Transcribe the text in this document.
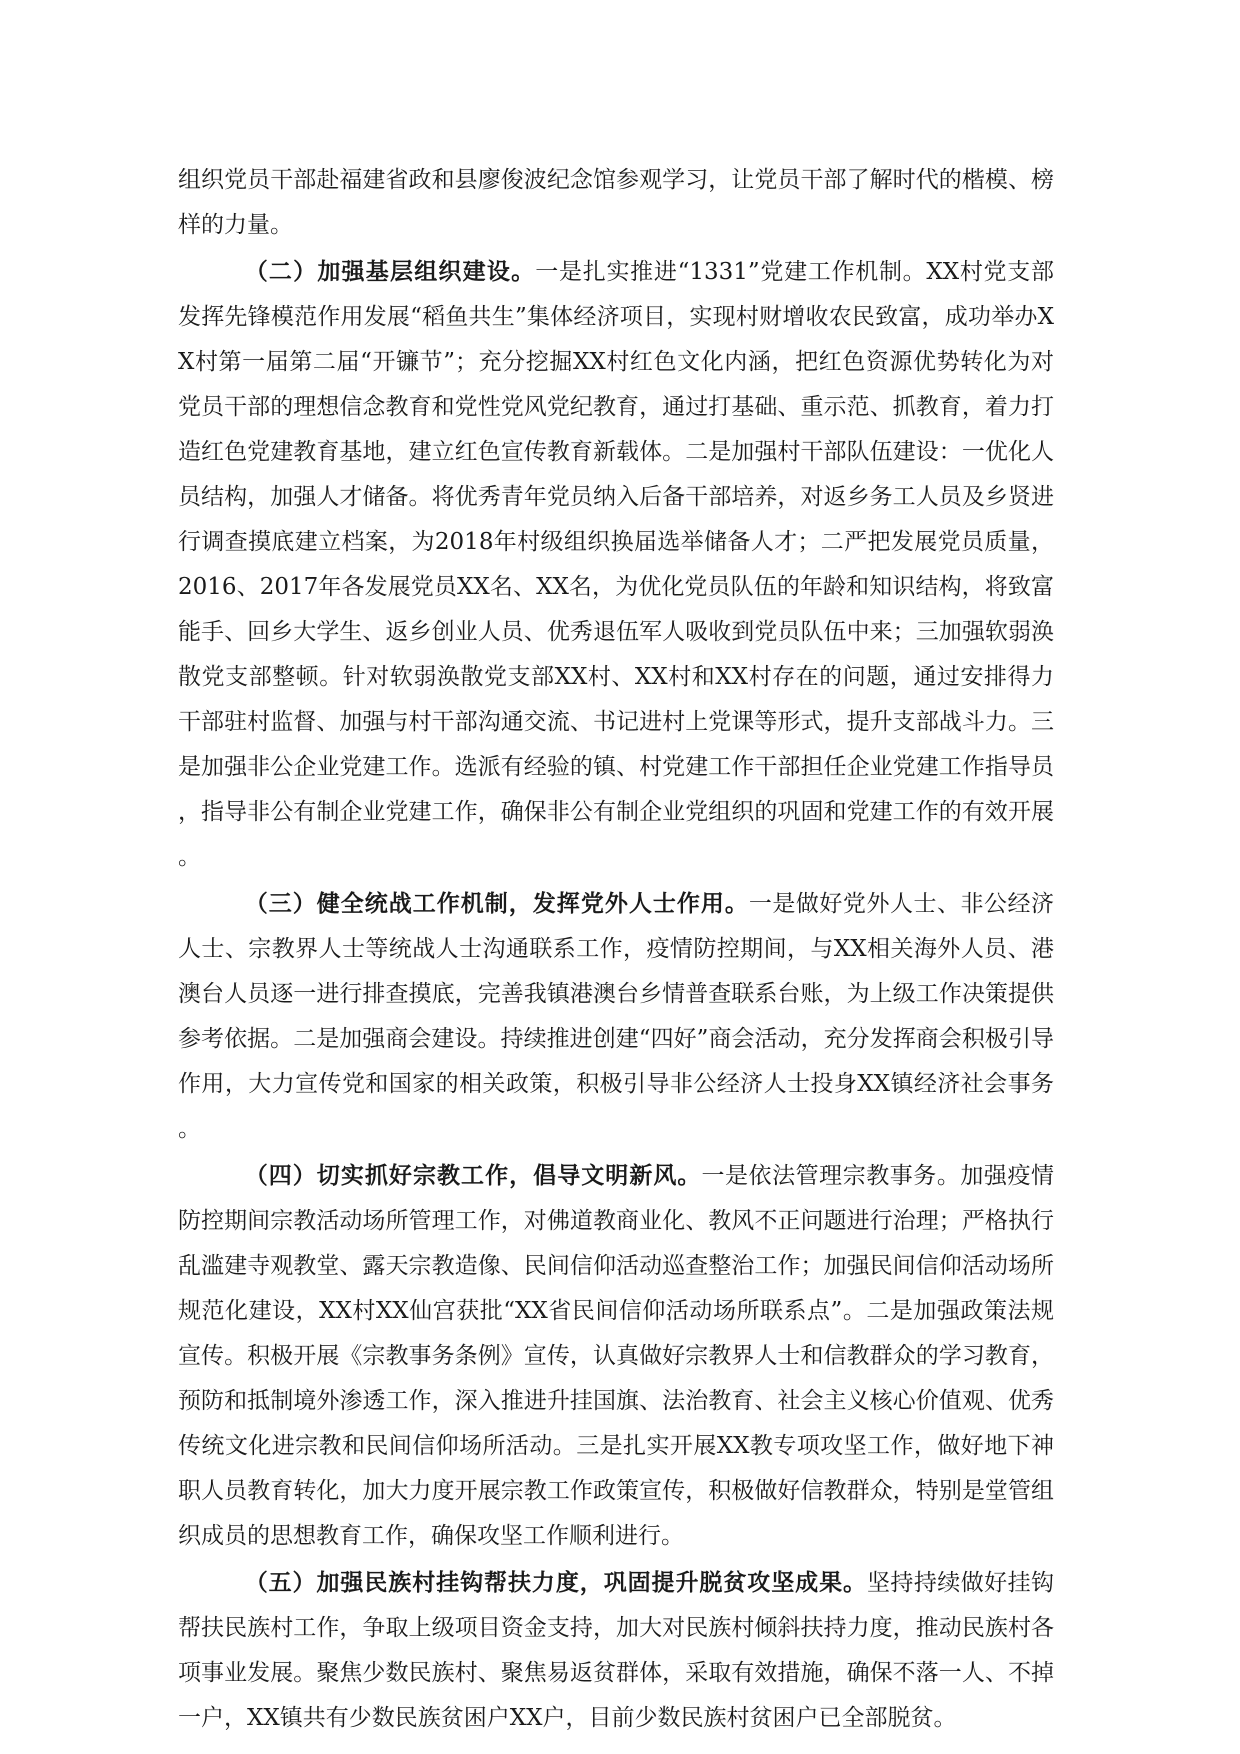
组织党员干部赴福建省政和县廖俊波纪念馆参观学习，让党员干部了解时代的楷模、榜样的力量。

（二）加强基层组织建设。一是扎实推进“1331”党建工作机制。XX村党支部发挥先锋模范作用发展“稻鱼共生”集体经济项目，实现村财增收农民致富，成功举办XX村第一届第二届“开镰节”；充分挖掘XX村红色文化内涵，把红色资源优势转化为对党员干部的理想信念教育和党性党风党纪教育，通过打基础、重示范、抓教育，着力打造红色党建教育基地，建立红色宣传教育新载体。二是加强村干部队伍建设：一优化人员结构，加强人才储备。将优秀青年党员纳入后备干部培养，对返乡务工人员及乡贤进行调查摸底建立档案，为2018年村级组织换届选举储备人才；二严把发展党员质量，2016、2017年各发展党员XX名、XX名，为优化党员队伍的年龄和知识结构，将致富能手、回乡大学生、返乡创业人员、优秀退伍军人吸收到党员队伍中来；三加强软弱涣散党支部整顿。针对软弱涣散党支部XX村、XX村和XX村存在的问题，通过安排得力干部驻村监督、加强与村干部沟通交流、书记进村上党课等形式，提升支部战斗力。三是加强非公企业党建工作。选派有经验的镇、村党建工作干部担任企业党建工作指导员，指导非公有制企业党建工作，确保非公有制企业党组织的巩固和党建工作的有效开展。

（三）健全统战工作机制，发挥党外人士作用。一是做好党外人士、非公经济人士、宗教界人士等统战人士沟通联系工作，疫情防控期间，与XX相关海外人员、港澳台人员逐一进行排查摸底，完善我镇港澳台乡情普查联系台账，为上级工作决策提供参考依据。二是加强商会建设。持续推进创建“四好”商会活动，充分发挥商会积极引导作用，大力宣传党和国家的相关政策，积极引导非公经济人士投身XX镇经济社会事务。

（四）切实抓好宗教工作，倡导文明新风。一是依法管理宗教事务。加强疫情防控期间宗教活动场所管理工作，对佛道教商业化、教风不正问题进行治理；严格执行乱滥建寺观教堂、露天宗教造像、民间信仰活动巡查整治工作；加强民间信仰活动场所规范化建设，XX村XX仙宫获批“XX省民间信仰活动场所联系点”。二是加强政策法规宣传。积极开展《宗教事务条例》宣传，认真做好宗教界人士和信教群众的学习教育，预防和抵制境外渗透工作，深入推进升挂国旗、法治教育、社会主义核心价值观、优秀传统文化进宗教和民间信仰场所活动。三是扎实开展XX教专项攻坚工作，做好地下神职人员教育转化，加大力度开展宗教工作政策宣传，积极做好信教群众，特别是堂管组织成员的思想教育工作，确保攻坚工作顺利进行。

（五）加强民族村挂钩帮扶力度，巩固提升脱贫攻坚成果。坚持持续做好挂钩帮扶民族村工作，争取上级项目资金支持，加大对民族村倾斜扶持力度，推动民族村各项事业发展。聚焦少数民族村、聚焦易返贫群体，采取有效措施，确保不落一人、不掉一户，XX镇共有少数民族贫困户XX户，目前少数民族村贫困户已全部脱贫。
